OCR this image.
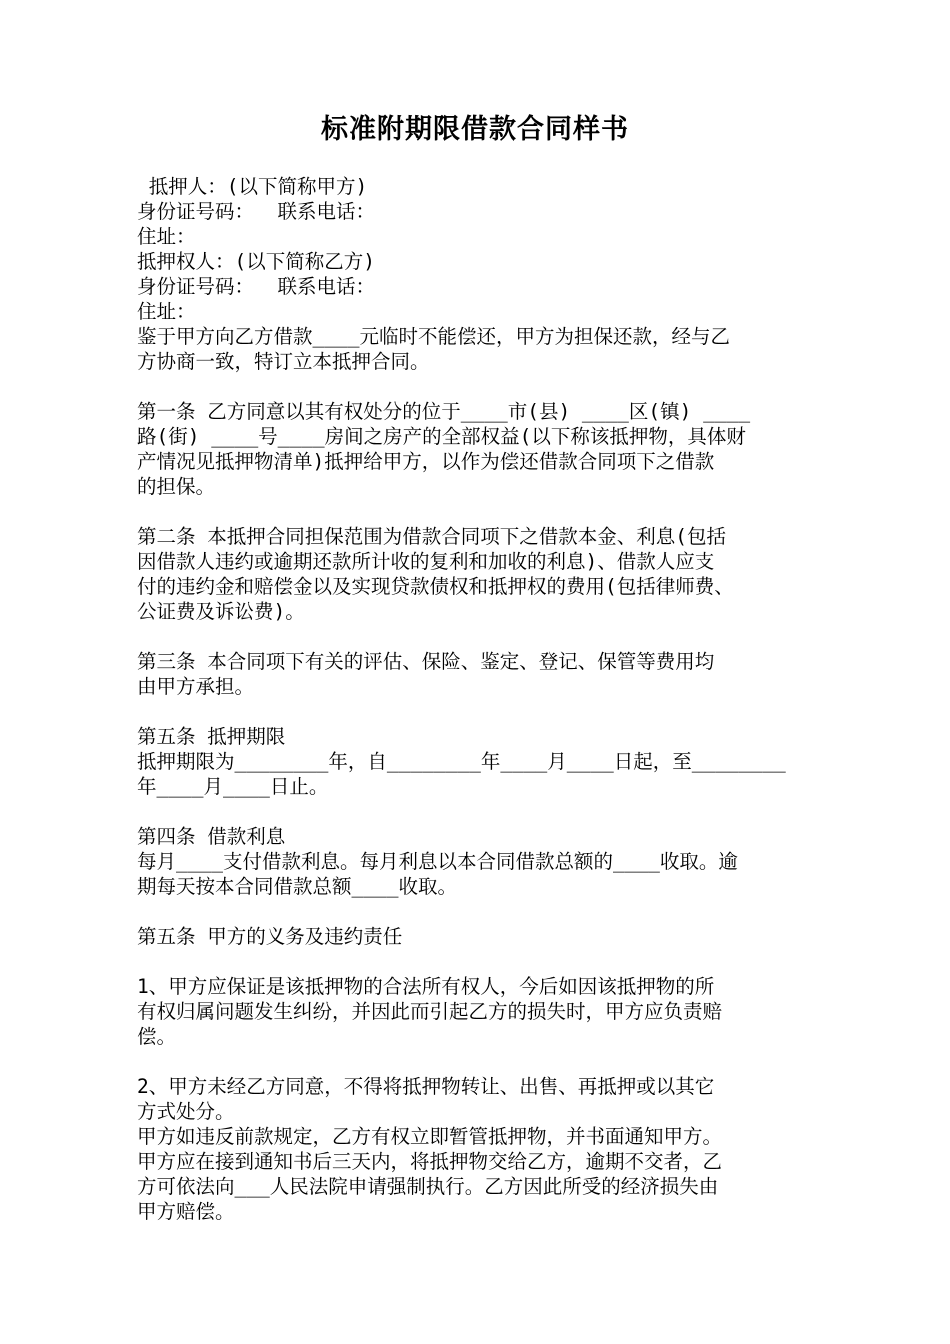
标准附期限借款合同样书
抵押人：(以下简称甲方)
身份证号码：  联系电话：
住址：
抵押权人：(以下简称乙方)
身份证号码：  联系电话：
住址：
鉴于甲方向乙方借款____元临时不能偿还，甲方为担保还款，经与乙
方协商一致，特订立本抵押合同。
第一条 乙方同意以其有权处分的位于____市(县) ____区(镇) ____
路(街) ____号____房间之房产的全部权益(以下称该抵押物，具体财
产情况见抵押物清单)抵押给甲方，以作为偿还借款合同项下之借款
的担保。
第二条 本抵押合同担保范围为借款合同项下之借款本金、利息(包括
因借款人违约或逾期还款所计收的复利和加收的利息)、借款人应支
付的违约金和赔偿金以及实现贷款债权和抵押权的费用(包括律师费、
公证费及诉讼费)。
第三条 本合同项下有关的评估、保险、鉴定、登记、保管等费用均
由甲方承担。
第五条 抵押期限
抵押期限为________年，自________年____月____日起，至________
年____月____日止。
第四条 借款利息
每月____支付借款利息。每月利息以本合同借款总额的____收取。逾
期每天按本合同借款总额____收取。
第五条 甲方的义务及违约责任
1、甲方应保证是该抵押物的合法所有权人，今后如因该抵押物的所
有权归属问题发生纠纷，并因此而引起乙方的损失时，甲方应负责赔
偿。
2、甲方未经乙方同意，不得将抵押物转让、出售、再抵押或以其它
方式处分。
甲方如违反前款规定，乙方有权立即暂管抵押物，并书面通知甲方。
甲方应在接到通知书后三天内，将抵押物交给乙方，逾期不交者，乙
方可依法向___人民法院申请强制执行。乙方因此所受的经济损失由
甲方赔偿。
